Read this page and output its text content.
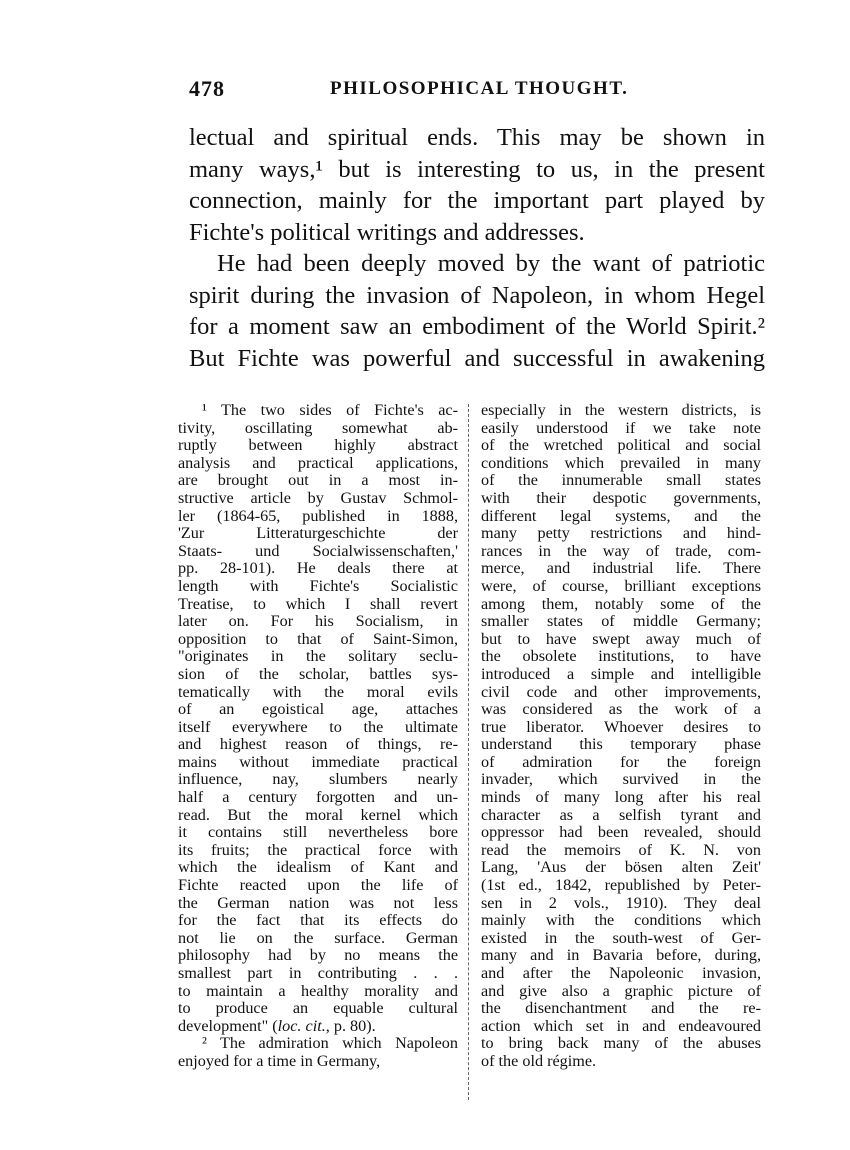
478	PHILOSOPHICAL THOUGHT.
lectual and spiritual ends. This may be shown in
many ways,¹ but is interesting to us, in the present
connection, mainly for the important part played by
Fichte's political writings and addresses.
He had been deeply moved by the want of patriotic
spirit during the invasion of Napoleon, in whom Hegel
for a moment saw an embodiment of the World Spirit.²
But Fichte was powerful and successful in awakening
¹ The two sides of Fichte's ac-
tivity, oscillating somewhat ab-
ruptly between highly abstract
analysis and practical applications,
are brought out in a most in-
structive article by Gustav Schmol-
ler (1864-65, published in 1888,
'Zur Litteraturgeschichte der
Staats- und Socialwissenschaften,'
pp. 28-101). He deals there at
length with Fichte's Socialistic
Treatise, to which I shall revert
later on. For his Socialism, in
opposition to that of Saint-Simon,
"originates in the solitary seclu-
sion of the scholar, battles sys-
tematically with the moral evils
of an egoistical age, attaches
itself everywhere to the ultimate
and highest reason of things, re-
mains without immediate practical
influence, nay, slumbers nearly
half a century forgotten and un-
read. But the moral kernel which
it contains still nevertheless bore
its fruits; the practical force with
which the idealism of Kant and
Fichte reacted upon the life of
the German nation was not less
for the fact that its effects do
not lie on the surface. German
philosophy had by no means the
smallest part in contributing . . .
to maintain a healthy morality and
to produce an equable cultural
development" (loc. cit., p. 80).
² The admiration which Napoleon
enjoyed for a time in Germany,
especially in the western districts, is
easily understood if we take note
of the wretched political and social
conditions which prevailed in many
of the innumerable small states
with their despotic governments,
different legal systems, and the
many petty restrictions and hind-
rances in the way of trade, com-
merce, and industrial life. There
were, of course, brilliant exceptions
among them, notably some of the
smaller states of middle Germany;
but to have swept away much of
the obsolete institutions, to have
introduced a simple and intelligible
civil code and other improvements,
was considered as the work of a
true liberator. Whoever desires to
understand this temporary phase
of admiration for the foreign
invader, which survived in the
minds of many long after his real
character as a selfish tyrant and
oppressor had been revealed, should
read the memoirs of K. N. von
Lang, 'Aus der bösen alten Zeit'
(1st ed., 1842, republished by Peter-
sen in 2 vols., 1910). They deal
mainly with the conditions which
existed in the south-west of Ger-
many and in Bavaria before, during,
and after the Napoleonic invasion,
and give also a graphic picture of
the disenchantment and the re-
action which set in and endeavoured
to bring back many of the abuses
of the old régime.
